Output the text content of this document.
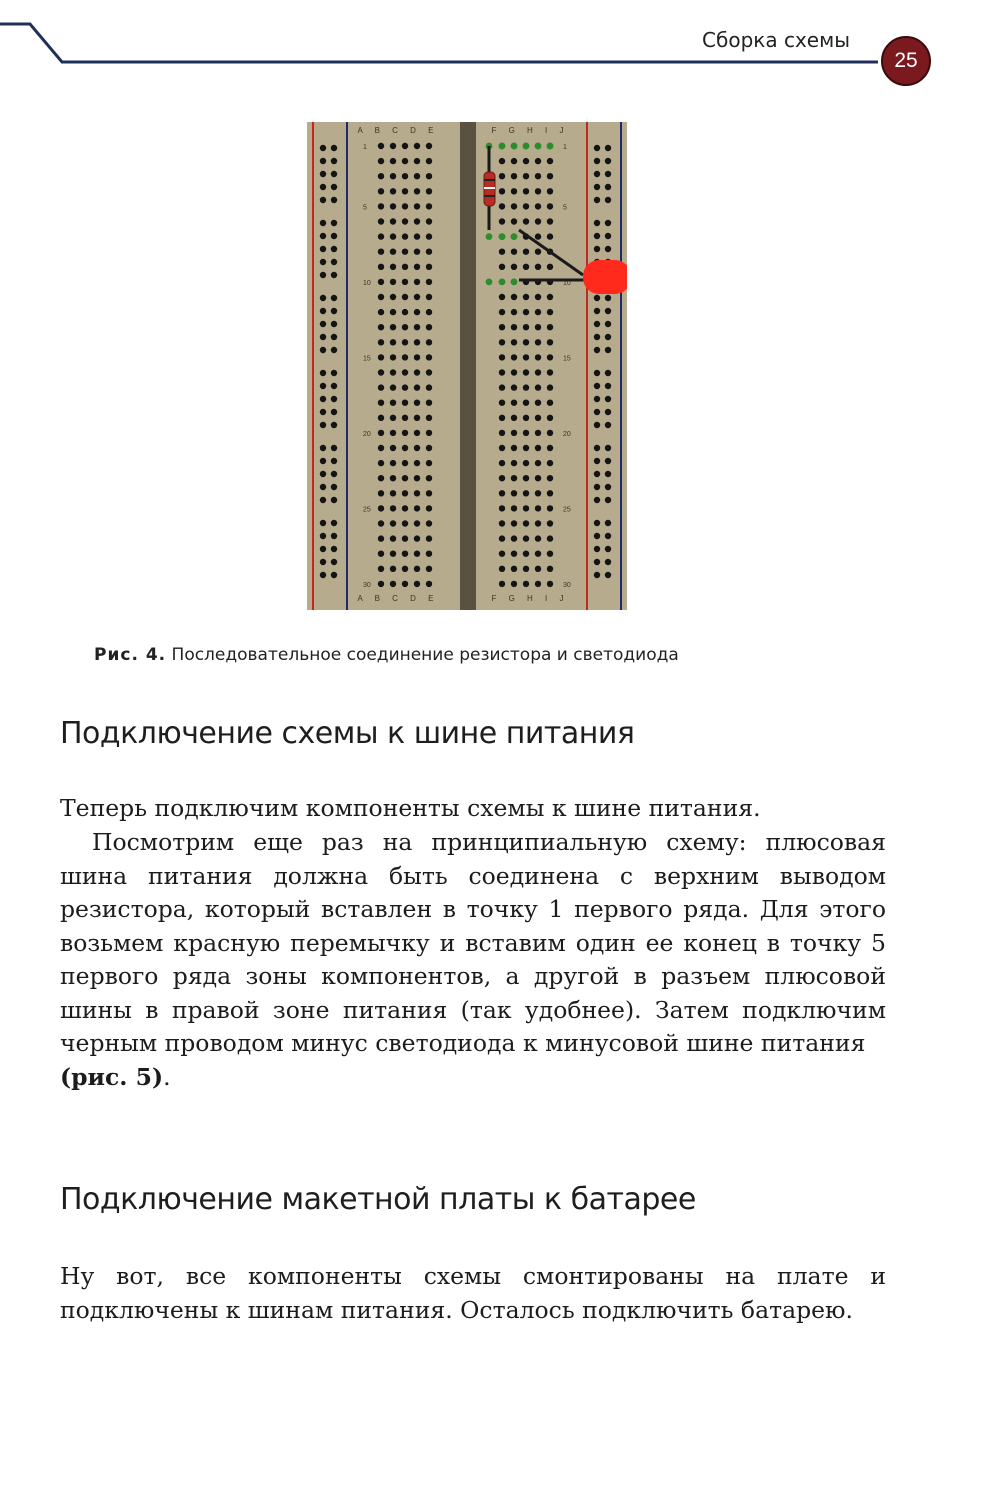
Сборка схемы
25
A B C D E	F G H I J
A B C D E	F G H I J
1	1
5	5
10	10
15	15
20	20
25	25
30	30
Рис. 4. Последовательное соединение резистора и светодиода
Подключение схемы к шине питания

Теперь подключим компоненты схемы к шине питания.

Посмотрим еще раз на принципиальную схему: плюсовая шина питания должна быть соединена с верхним выводом резистора, который вставлен в точку 1 первого ряда. Для этого возьмем красную перемычку и вставим один ее конец в точку 5 первого ряда зоны компонентов, а другой в разъем плюсовой шины в правой зоне питания (так удобнее). Затем подключим черным проводом минус светодиода к минусовой шине питания
(рис. 5).

Подключение макетной платы к батарее

Ну вот, все компоненты схемы смонтированы на плате и подключены к шинам питания. Осталось подключить батарею.
